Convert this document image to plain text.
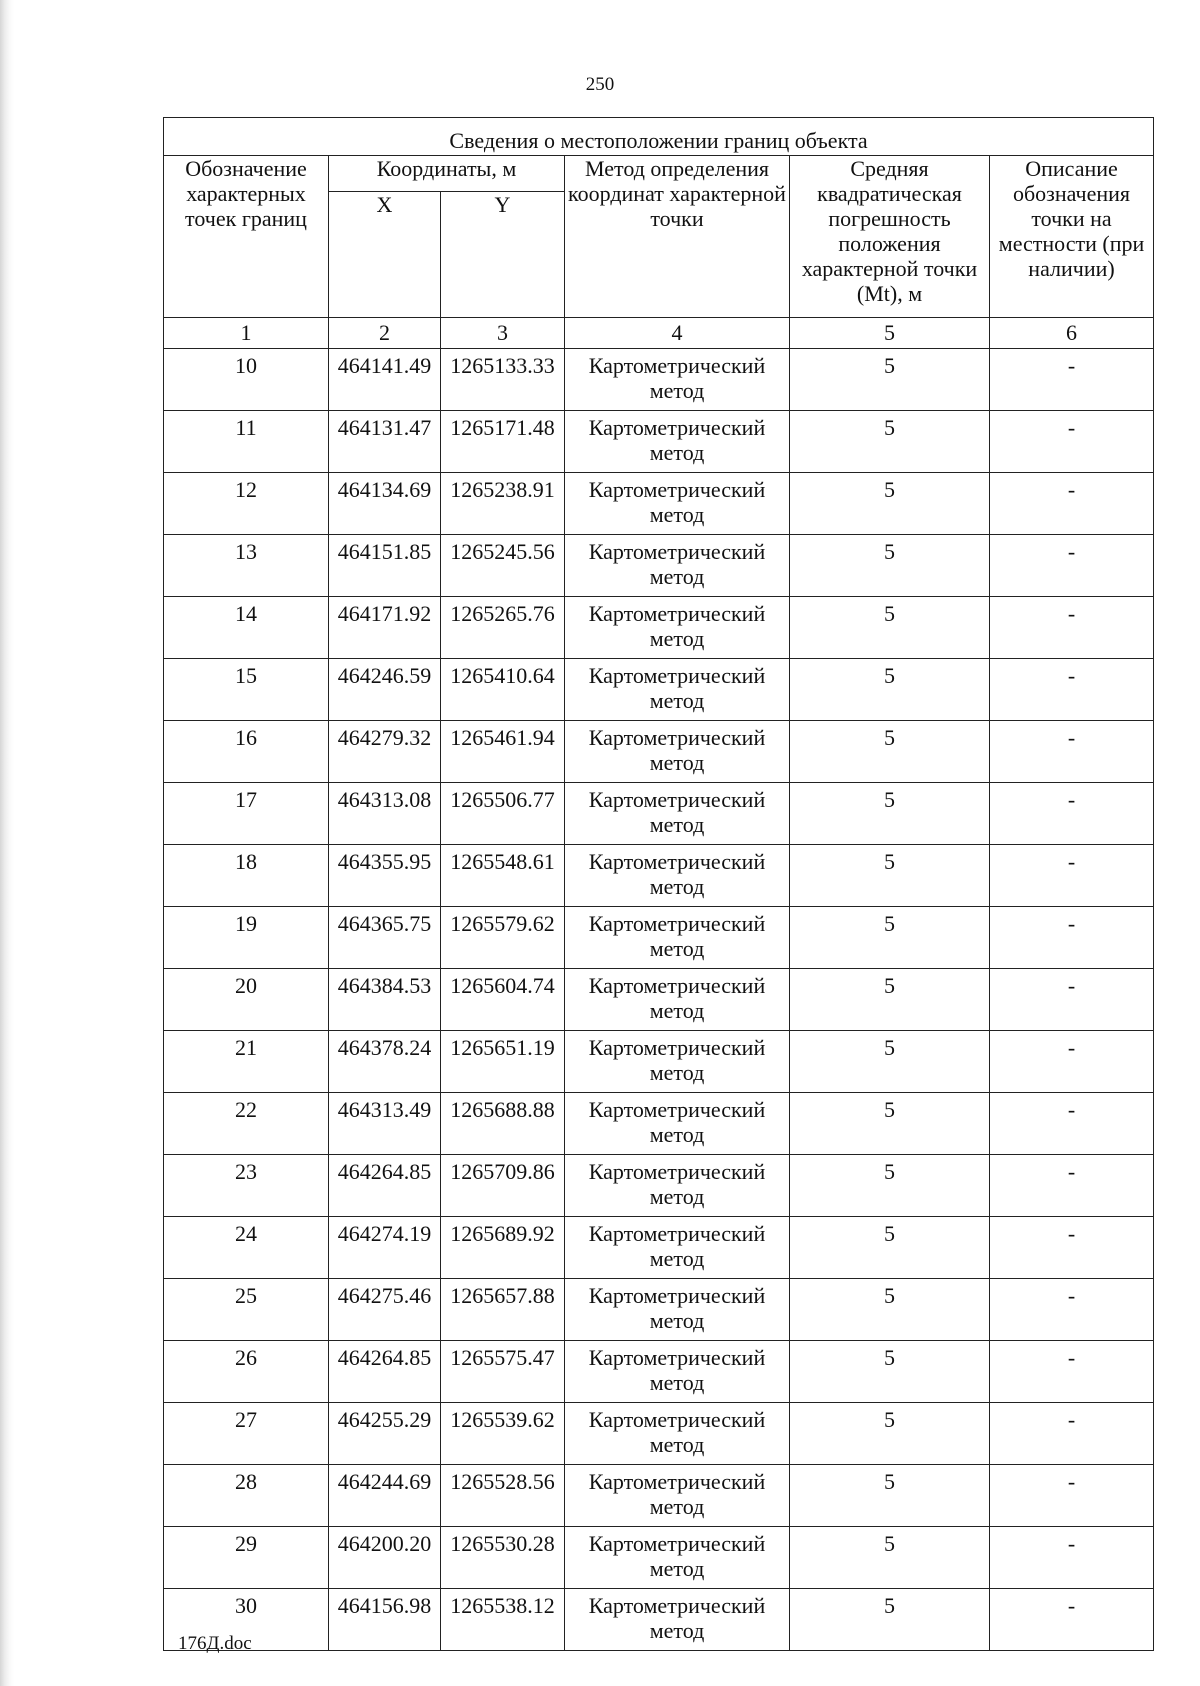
250
Сведения о местоположении границ объекта					
Обозначение характерных точек границ	Координаты, м		Метод определения координат характерной точки	Средняя квадратическая погрешность положения характерной точки (Mt), м	Описание обозначения точки на местности (при наличии)
	X	Y			
1	2	3	4	5	6
10	464141.49	1265133.33	Картометрический метод	5	-
11	464131.47	1265171.48	Картометрический метод	5	-
12	464134.69	1265238.91	Картометрический метод	5	-
13	464151.85	1265245.56	Картометрический метод	5	-
14	464171.92	1265265.76	Картометрический метод	5	-
15	464246.59	1265410.64	Картометрический метод	5	-
16	464279.32	1265461.94	Картометрический метод	5	-
17	464313.08	1265506.77	Картометрический метод	5	-
18	464355.95	1265548.61	Картометрический метод	5	-
19	464365.75	1265579.62	Картометрический метод	5	-
20	464384.53	1265604.74	Картометрический метод	5	-
21	464378.24	1265651.19	Картометрический метод	5	-
22	464313.49	1265688.88	Картометрический метод	5	-
23	464264.85	1265709.86	Картометрический метод	5	-
24	464274.19	1265689.92	Картометрический метод	5	-
25	464275.46	1265657.88	Картометрический метод	5	-
26	464264.85	1265575.47	Картометрический метод	5	-
27	464255.29	1265539.62	Картометрический метод	5	-
28	464244.69	1265528.56	Картометрический метод	5	-
29	464200.20	1265530.28	Картометрический метод	5	-
30	464156.98	1265538.12	Картометрический метод	5	-
176Д.doc
